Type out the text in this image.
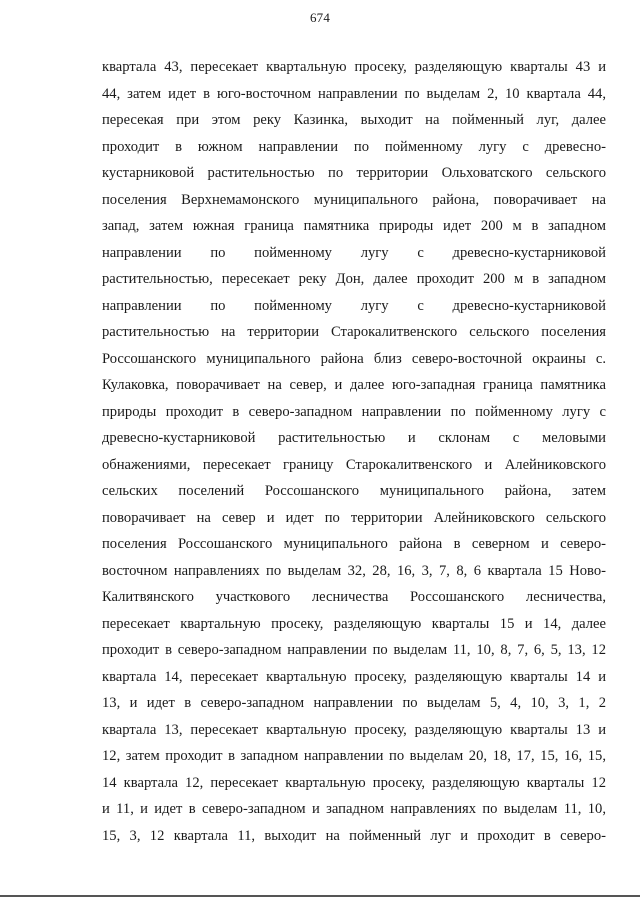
674
квартала 43, пересекает квартальную просеку, разделяющую кварталы 43 и
44, затем идет в юго-восточном направлении по выделам 2, 10 квартала 44,
пересекая при этом реку Казинка, выходит на пойменный луг, далее
проходит в южном направлении по пойменному лугу с древесно-
кустарниковой растительностью по территории Ольховатского сельского
поселения Верхнемамонского муниципального района, поворачивает на
запад, затем южная граница памятника природы идет 200 м в западном
направлении по пойменному лугу с древесно-кустарниковой
растительностью, пересекает реку Дон, далее проходит 200 м в западном
направлении по пойменному лугу с древесно-кустарниковой
растительностью на территории Старокалитвенского сельского поселения
Россошанского муниципального района близ северо-восточной окраины с.
Кулаковка, поворачивает на север, и далее юго-западная граница памятника
природы проходит в северо-западном направлении по пойменному лугу с
древесно-кустарниковой растительностью и склонам с меловыми
обнажениями, пересекает границу Старокалитвенского и Алейниковского
сельских поселений Россошанского муниципального района, затем
поворачивает на север и идет по территории Алейниковского сельского
поселения Россошанского муниципального района в северном и северо-
восточном направлениях по выделам 32, 28, 16, 3, 7, 8, 6 квартала 15 Ново-
Калитвянского участкового лесничества Россошанского лесничества,
пересекает квартальную просеку, разделяющую кварталы 15 и 14, далее
проходит в северо-западном направлении по выделам 11, 10, 8, 7, 6, 5, 13, 12
квартала 14, пересекает квартальную просеку, разделяющую кварталы 14 и
13, и идет в северо-западном направлении по выделам 5, 4, 10, 3, 1, 2
квартала 13, пересекает квартальную просеку, разделяющую кварталы 13 и
12, затем проходит в западном направлении по выделам 20, 18, 17, 15, 16, 15,
14 квартала 12, пересекает квартальную просеку, разделяющую кварталы 12
и 11, и идет в северо-западном и западном направлениях по выделам 11, 10,
15, 3, 12 квартала 11, выходит на пойменный луг и проходит в северо-
